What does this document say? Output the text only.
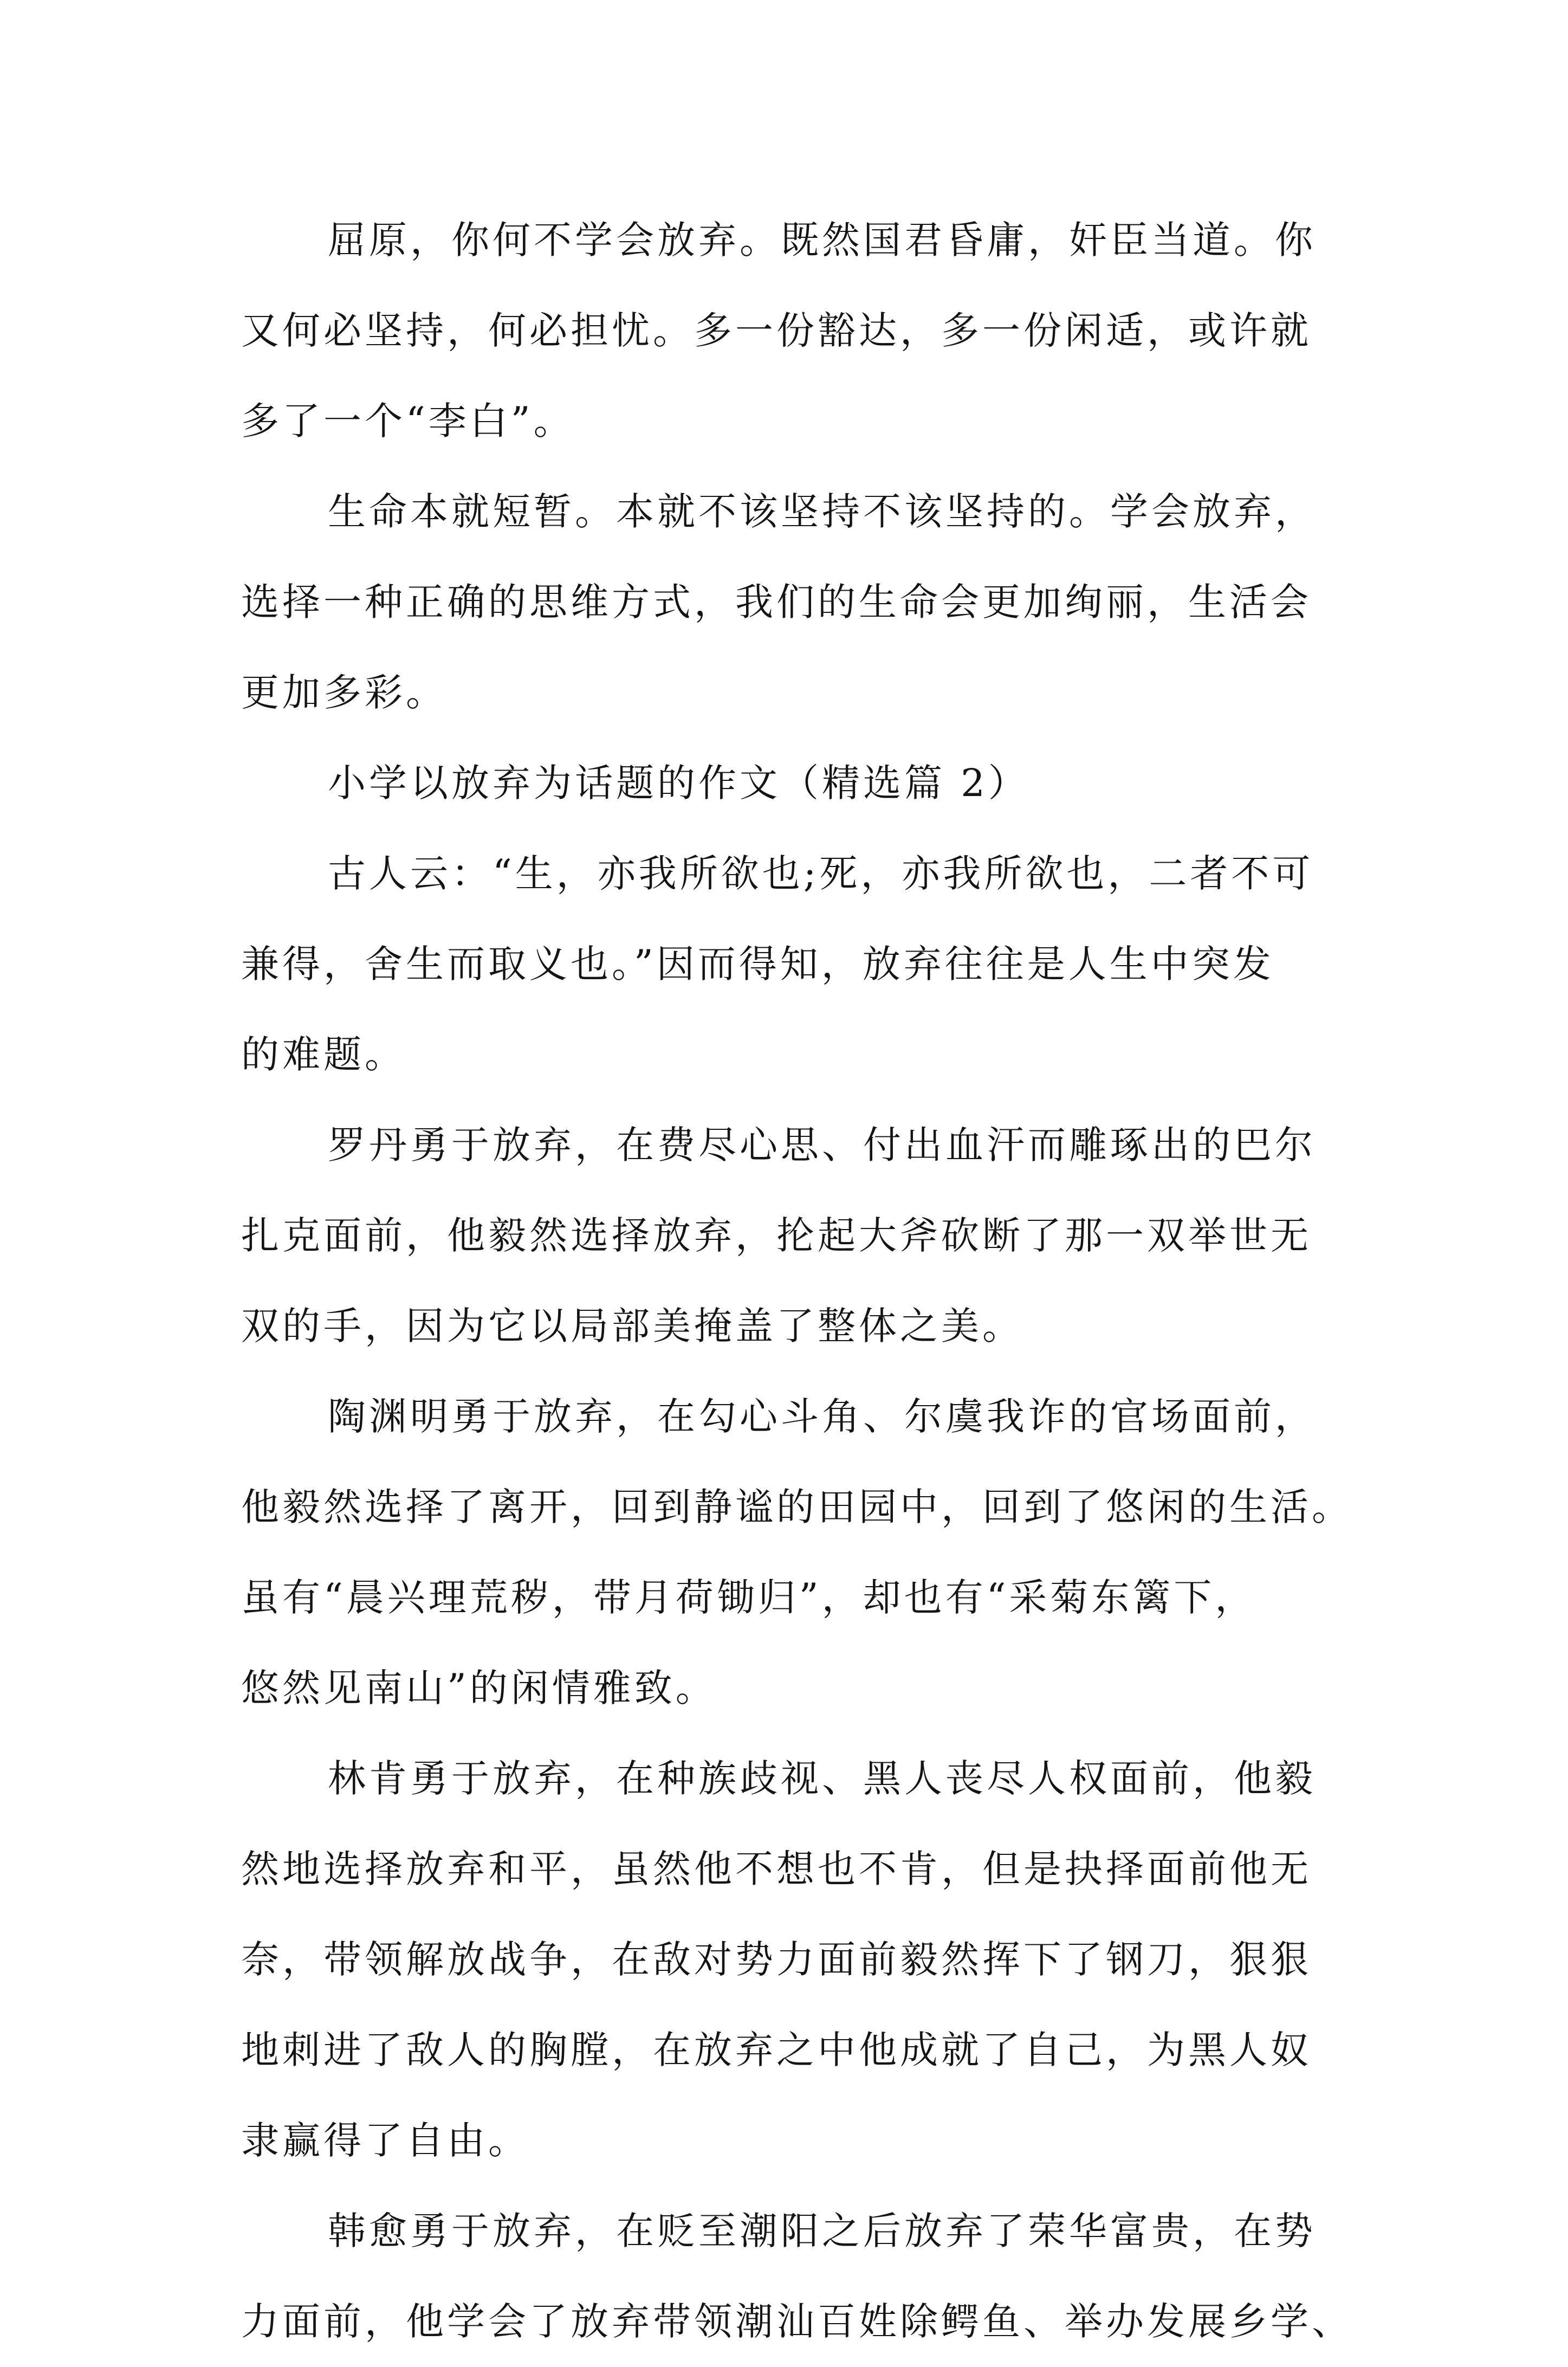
屈原，你何不学会放弃。既然国君昏庸，奸臣当道。你
又何必坚持，何必担忧。多一份豁达，多一份闲适，或许就
多了一个“李白”。
生命本就短暂。本就不该坚持不该坚持的。学会放弃，
选择一种正确的思维方式，我们的生命会更加绚丽，生活会
更加多彩。
小学以放弃为话题的作文（精选篇 2）
古人云：“生，亦我所欲也;死，亦我所欲也，二者不可
兼得，舍生而取义也。”因而得知，放弃往往是人生中突发
的难题。
罗丹勇于放弃，在费尽心思、付出血汗而雕琢出的巴尔
扎克面前，他毅然选择放弃，抡起大斧砍断了那一双举世无
双的手，因为它以局部美掩盖了整体之美。
陶渊明勇于放弃，在勾心斗角、尔虞我诈的官场面前，
他毅然选择了离开，回到静谧的田园中，回到了悠闲的生活。
虽有“晨兴理荒秽，带月荷锄归”，却也有“采菊东篱下，
悠然见南山”的闲情雅致。
林肯勇于放弃，在种族歧视、黑人丧尽人权面前，他毅
然地选择放弃和平，虽然他不想也不肯，但是抉择面前他无
奈，带领解放战争，在敌对势力面前毅然挥下了钢刀，狠狠
地刺进了敌人的胸膛，在放弃之中他成就了自己，为黑人奴
隶赢得了自由。
韩愈勇于放弃，在贬至潮阳之后放弃了荣华富贵，在势
力面前，他学会了放弃带领潮汕百姓除鳄鱼、举办发展乡学、
